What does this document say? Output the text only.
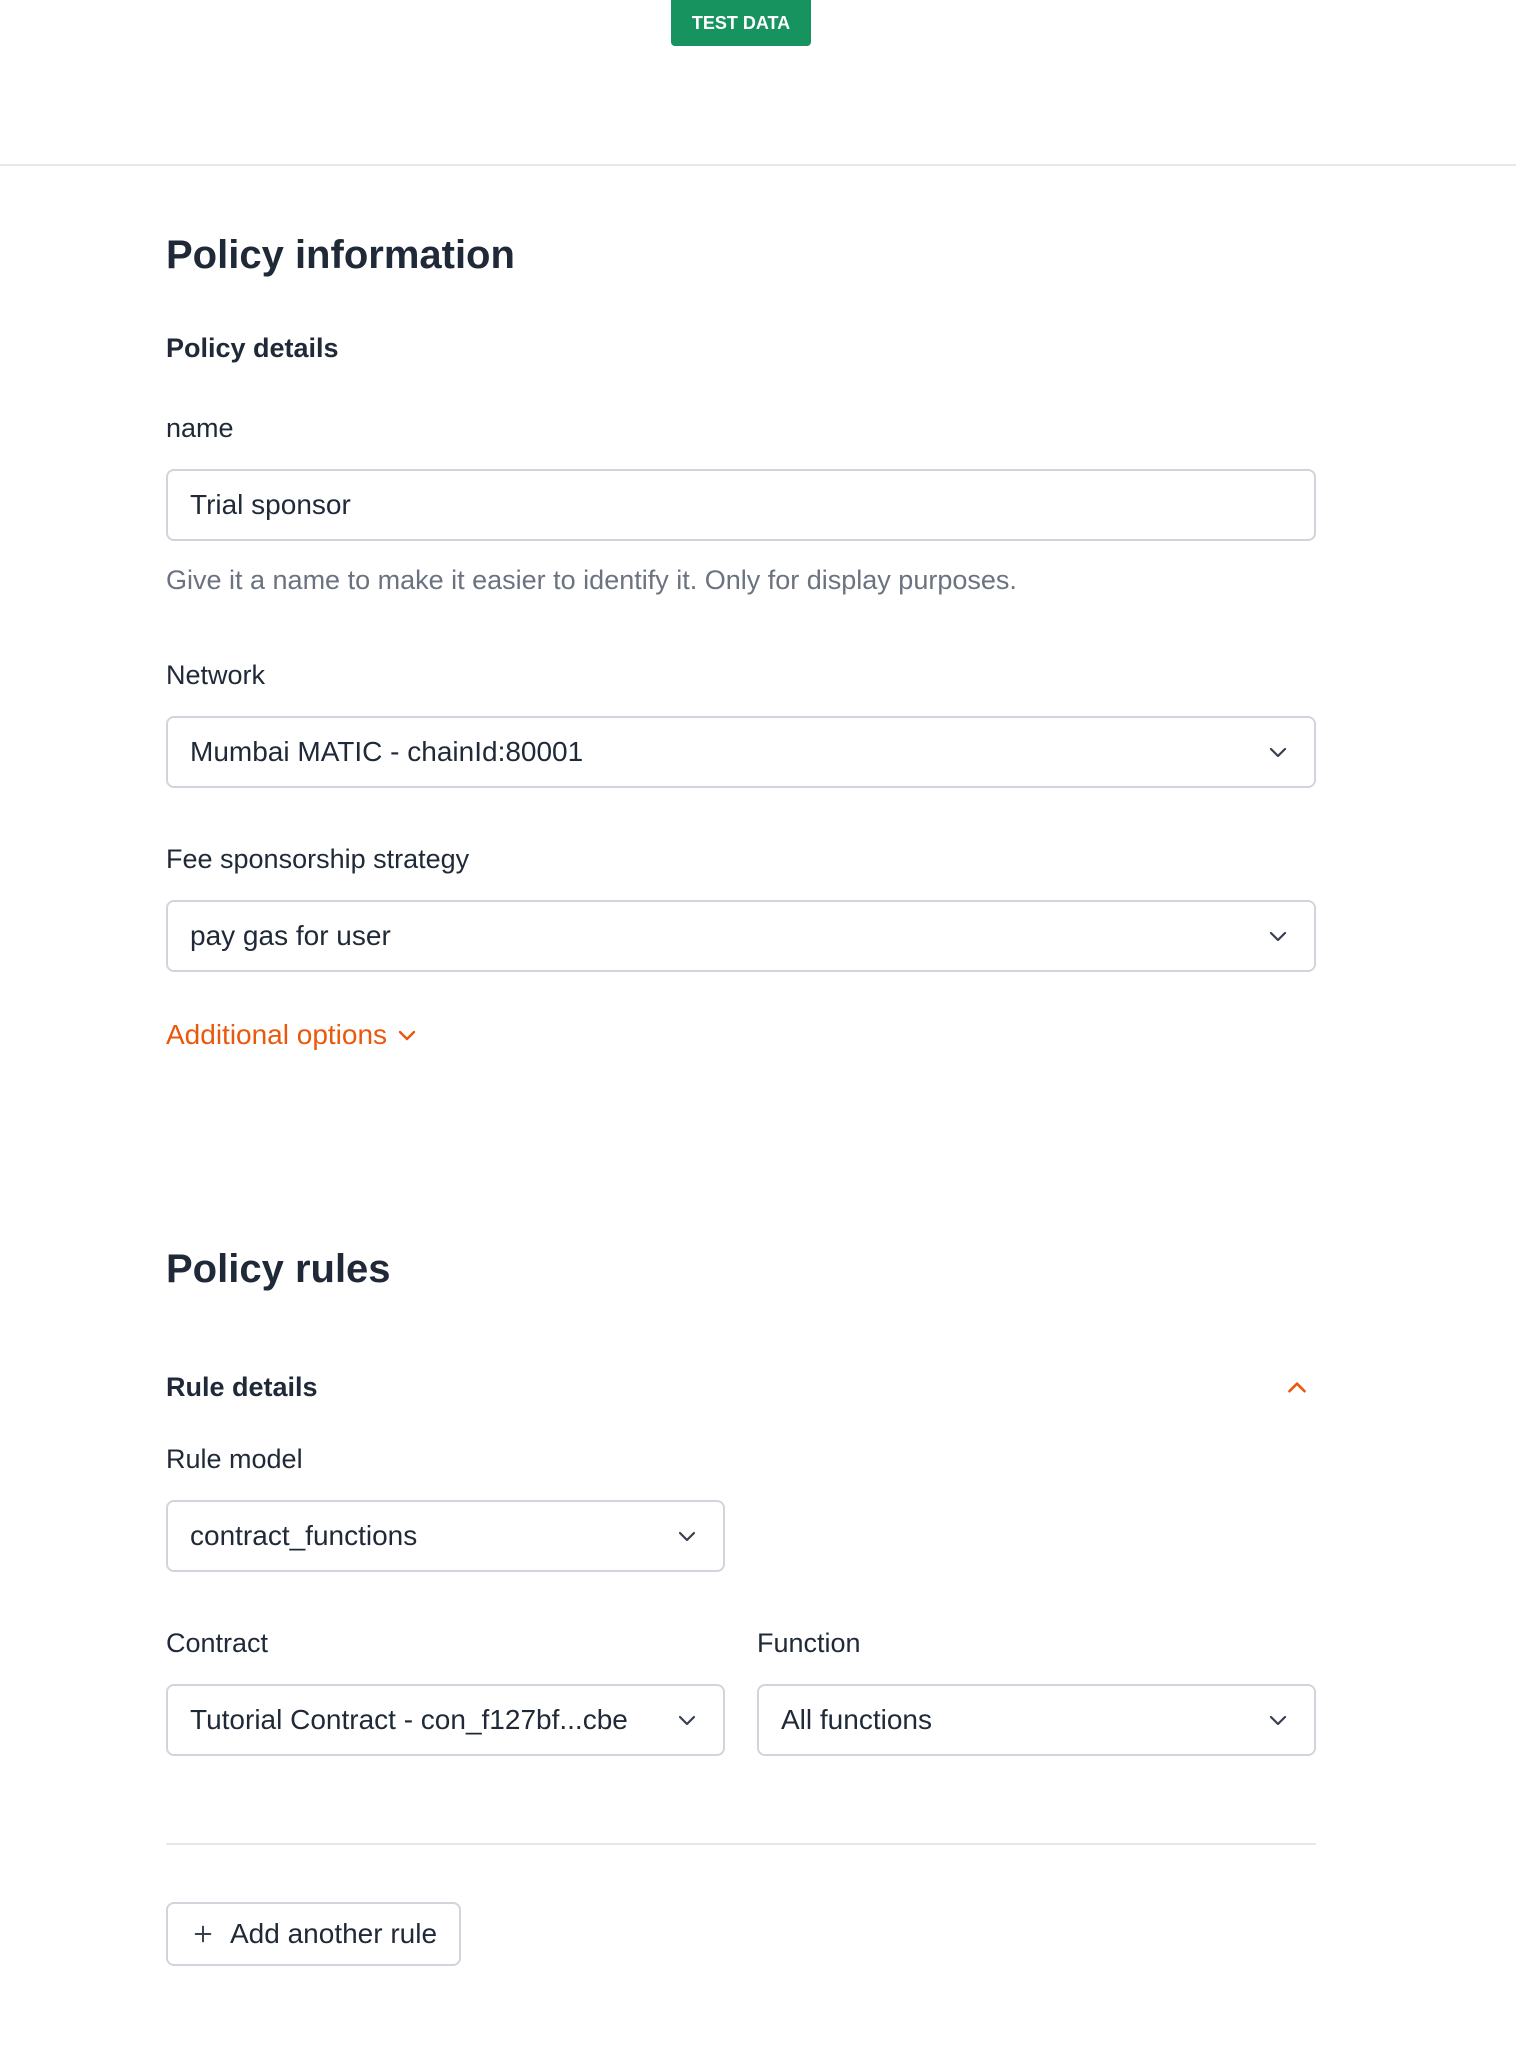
TEST DATA
Policy information
Policy details
name
Trial sponsor
Give it a name to make it easier to identify it. Only for display purposes.
Network
Mumbai MATIC - chainId:80001
Fee sponsorship strategy
pay gas for user
Additional options
Policy rules
Rule details
Rule model
contract_functions
Contract
Tutorial Contract - con_f127bf...cbe
Function
All functions
Add another rule
